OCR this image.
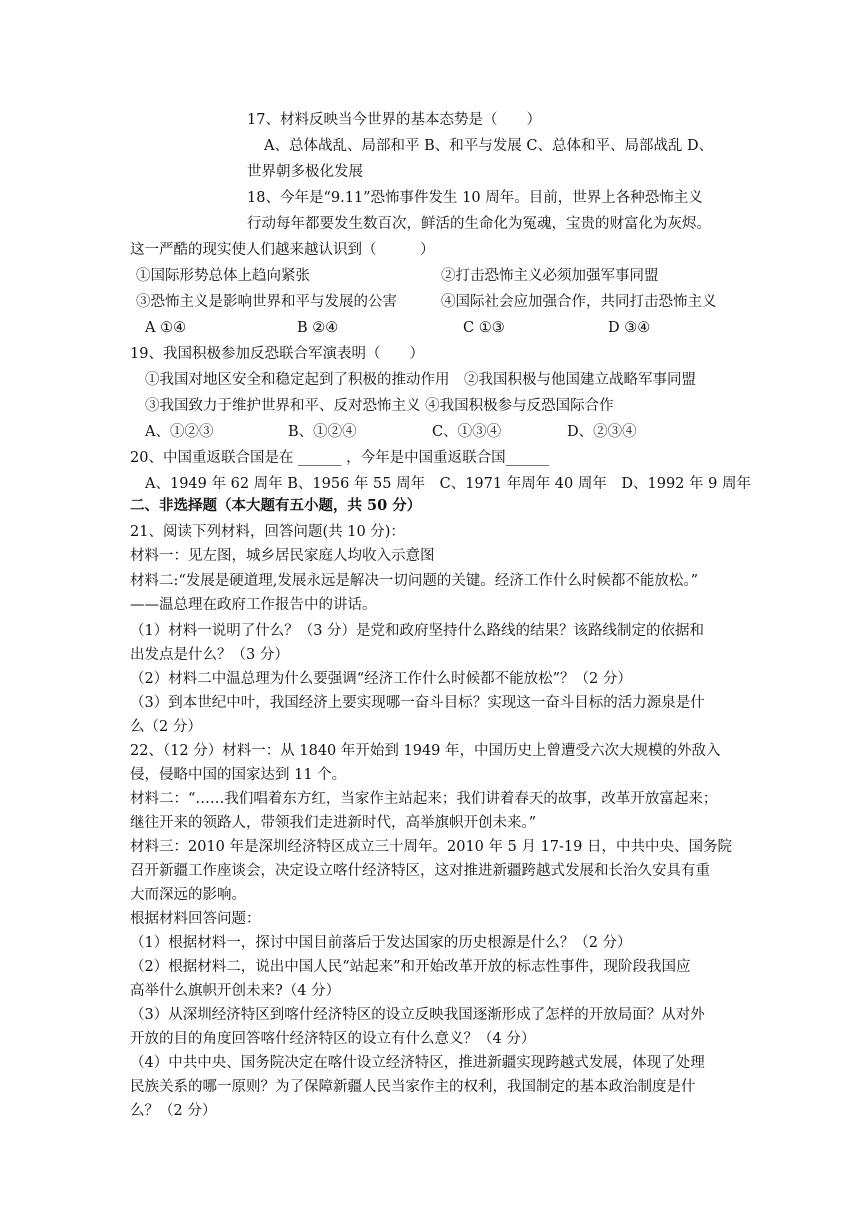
17、材料反映当今世界的基本态势是（　　）
A、总体战乱、局部和平 B、和平与发展 C、总体和平、局部战乱 D、
世界朝多极化发展
18、今年是“9.11”恐怖事件发生 10 周年。目前，世界上各种恐怖主义
行动每年都要发生数百次，鲜活的生命化为冤魂，宝贵的财富化为灰烬。
这一严酷的现实使人们越来越认识到（　　　）
①国际形势总体上趋向紧张	②打击恐怖主义必须加强军事同盟
③恐怖主义是影响世界和平与发展的公害	④国际社会应加强合作，共同打击恐怖主义
A ①④	B ②④	C ①③	D ③④
19、我国积极参加反恐联合军演表明（　　）
①我国对地区安全和稳定起到了积极的推动作用　②我国积极与他国建立战略军事同盟
③我国致力于维护世界和平、反对恐怖主义 ④我国积极参与反恐国际合作
A、①②③	B、①②④	C、①③④	D、②③④
20、中国重返联合国是在 ______ ，今年是中国重返联合国______
A、1949 年 62 周年 B、1956 年 55 周年　C、1971 年周年 40 周年　D、1992 年 9 周年
二、非选择题（本大题有五小题，共 50 分）
21、阅读下列材料，回答问题(共 10 分)：
材料一：见左图，城乡居民家庭人均收入示意图
材料二:“发展是硬道理,发展永远是解决一切问题的关键。经济工作什么时候都不能放松。”
——温总理在政府工作报告中的讲话。
（1）材料一说明了什么？（3 分）是党和政府坚持什么路线的结果？该路线制定的依据和
出发点是什么？（3 分）
（2）材料二中温总理为什么要强调“经济工作什么时候都不能放松”？（2 分）
（3）到本世纪中叶，我国经济上要实现哪一奋斗目标？实现这一奋斗目标的活力源泉是什
么（2 分）
22、（12 分）材料一：从 1840 年开始到 1949 年，中国历史上曾遭受六次大规模的外敌入
侵，侵略中国的国家达到 11 个。
材料二：“……我们唱着东方红，当家作主站起来；我们讲着春天的故事，改革开放富起来；
继往开来的领路人，带领我们走进新时代，高举旗帜开创未来。”
材料三：2010 年是深圳经济特区成立三十周年。2010 年 5 月 17-19 日，中共中央、国务院
召开新疆工作座谈会，决定设立喀什经济特区，这对推进新疆跨越式发展和长治久安具有重
大而深远的影响。
根据材料回答问题：
（1）根据材料一，探讨中国目前落后于发达国家的历史根源是什么？（2 分）
（2）根据材料二，说出中国人民“站起来”和开始改革开放的标志性事件，现阶段我国应
高举什么旗帜开创未来?（4 分）
（3）从深圳经济特区到喀什经济特区的设立反映我国逐渐形成了怎样的开放局面？从对外
开放的目的角度回答喀什经济特区的设立有什么意义？（4 分）
（4）中共中央、国务院决定在喀什设立经济特区，推进新疆实现跨越式发展，体现了处理
民族关系的哪一原则？为了保障新疆人民当家作主的权利，我国制定的基本政治制度是什
么？（2 分）
